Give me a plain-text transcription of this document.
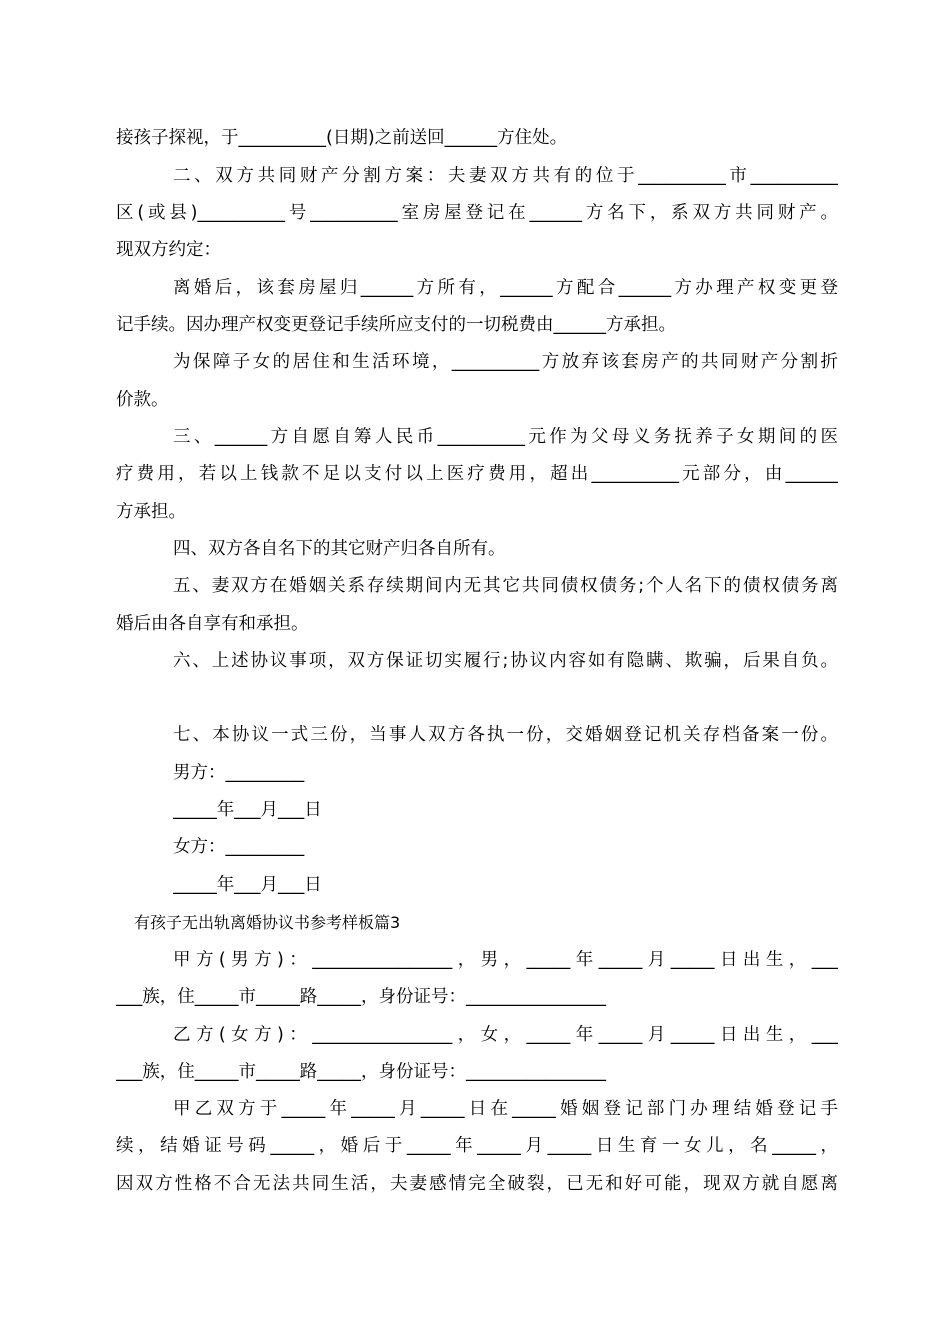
接孩子探视，于__________(日期)之前送回______方住处。
二、双方共同财产分割方案：夫妻双方共有的位于__________市__________
区(或县)__________号__________室房屋登记在______方名下，系双方共同财产。
现双方约定：
离婚后，该套房屋归______方所有，______方配合______方办理产权变更登
记手续。因办理产权变更登记手续所应支付的一切税费由______方承担。
为保障子女的居住和生活环境，__________方放弃该套房产的共同财产分割折
价款。
三、______方自愿自筹人民币__________元作为父母义务抚养子女期间的医
疗费用，若以上钱款不足以支付以上医疗费用，超出__________元部分，由______
方承担。
四、双方各自名下的其它财产归各自所有。
五、妻双方在婚姻关系存续期间内无其它共同债权债务;个人名下的债权债务离
婚后由各自享有和承担。
六、上述协议事项，双方保证切实履行;协议内容如有隐瞒、欺骗，后果自负。
七、本协议一式三份，当事人双方各执一份，交婚姻登记机关存档备案一份。
男方：_________
_____年___月___日
女方：_________
_____年___月___日
有孩子无出轨离婚协议书参考样板篇3
甲方(男方)：________________，男，_____年_____月_____日出生，___
___族，住_____市_____路_____，身份证号：________________
乙方(女方)：________________，女，_____年_____月_____日出生，___
___族，住_____市_____路_____，身份证号：________________
甲乙双方于_____年_____月_____日在_____婚姻登记部门办理结婚登记手
续，结婚证号码_____，婚后于_____年_____月_____日生育一女儿，名_____，
因双方性格不合无法共同生活，夫妻感情完全破裂，已无和好可能，现双方就自愿离
